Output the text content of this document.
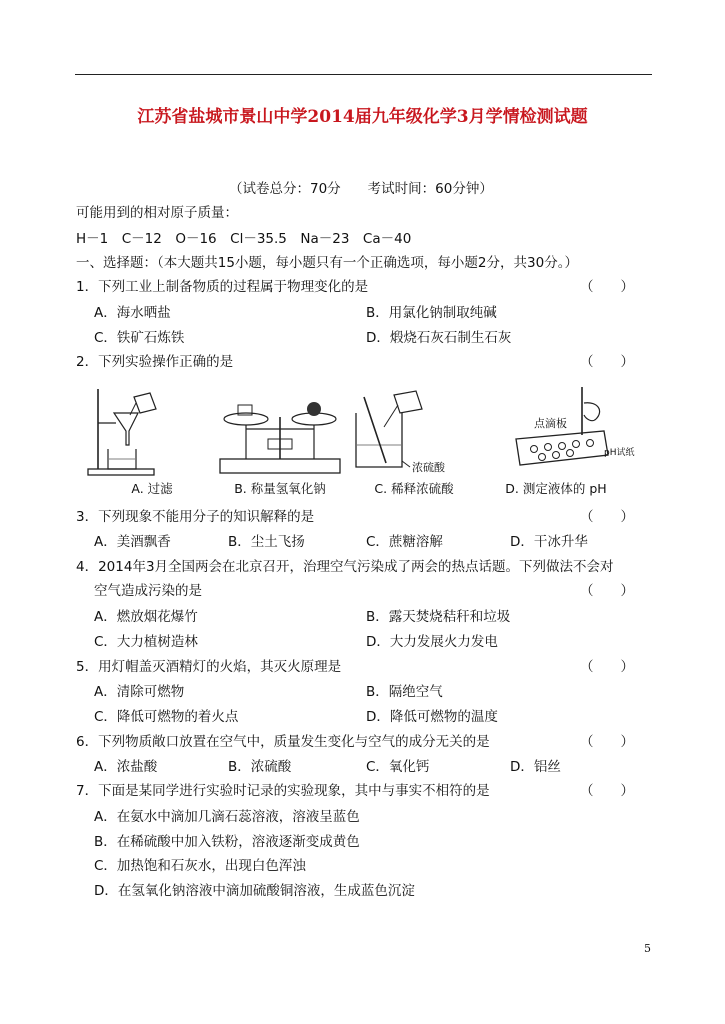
江苏省盐城市景山中学2014届九年级化学3月学情检测试题
（试卷总分：70分　　考试时间：60分钟）
可能用到的相对原子质量：
H－1　C－12　O－16　Cl－35.5　Na－23　Ca－40
一、选择题：（本大题共15小题，每小题只有一个正确选项，每小题2分，共30分。）
1．下列工业上制备物质的过程属于物理变化的是	（　　）
A．海水晒盐	B．用氯化钠制取纯碱
C．铁矿石炼铁	D．煅烧石灰石制生石灰
2．下列实验操作正确的是	（　　）
A. 过滤	B. 称量氢氧化钠
浓硫酸
C. 稀释浓硫酸
点滴板
pH试纸
D. 测定液体的 pH
3．下列现象不能用分子的知识解释的是	（　　）
A．美酒飘香	B．尘土飞扬	C．蔗糖溶解	D．干冰升华
4．2014年3月全国两会在北京召开，治理空气污染成了两会的热点话题。下列做法不会对
空气造成污染的是	（　　）
A．燃放烟花爆竹	B．露天焚烧秸秆和垃圾
C．大力植树造林	D．大力发展火力发电
5．用灯帽盖灭酒精灯的火焰，其灭火原理是	（　　）
A．清除可燃物	B．隔绝空气
C．降低可燃物的着火点	D．降低可燃物的温度
6．下列物质敞口放置在空气中，质量发生变化与空气的成分无关的是	（　　）
A．浓盐酸	B．浓硫酸	C．氧化钙	D．铝丝
7．下面是某同学进行实验时记录的实验现象，其中与事实不相符的是	（　　）
A．在氨水中滴加几滴石蕊溶液，溶液呈蓝色
B．在稀硫酸中加入铁粉，溶液逐渐变成黄色
C．加热饱和石灰水，出现白色浑浊
D．在氢氧化钠溶液中滴加硫酸铜溶液，生成蓝色沉淀
5
